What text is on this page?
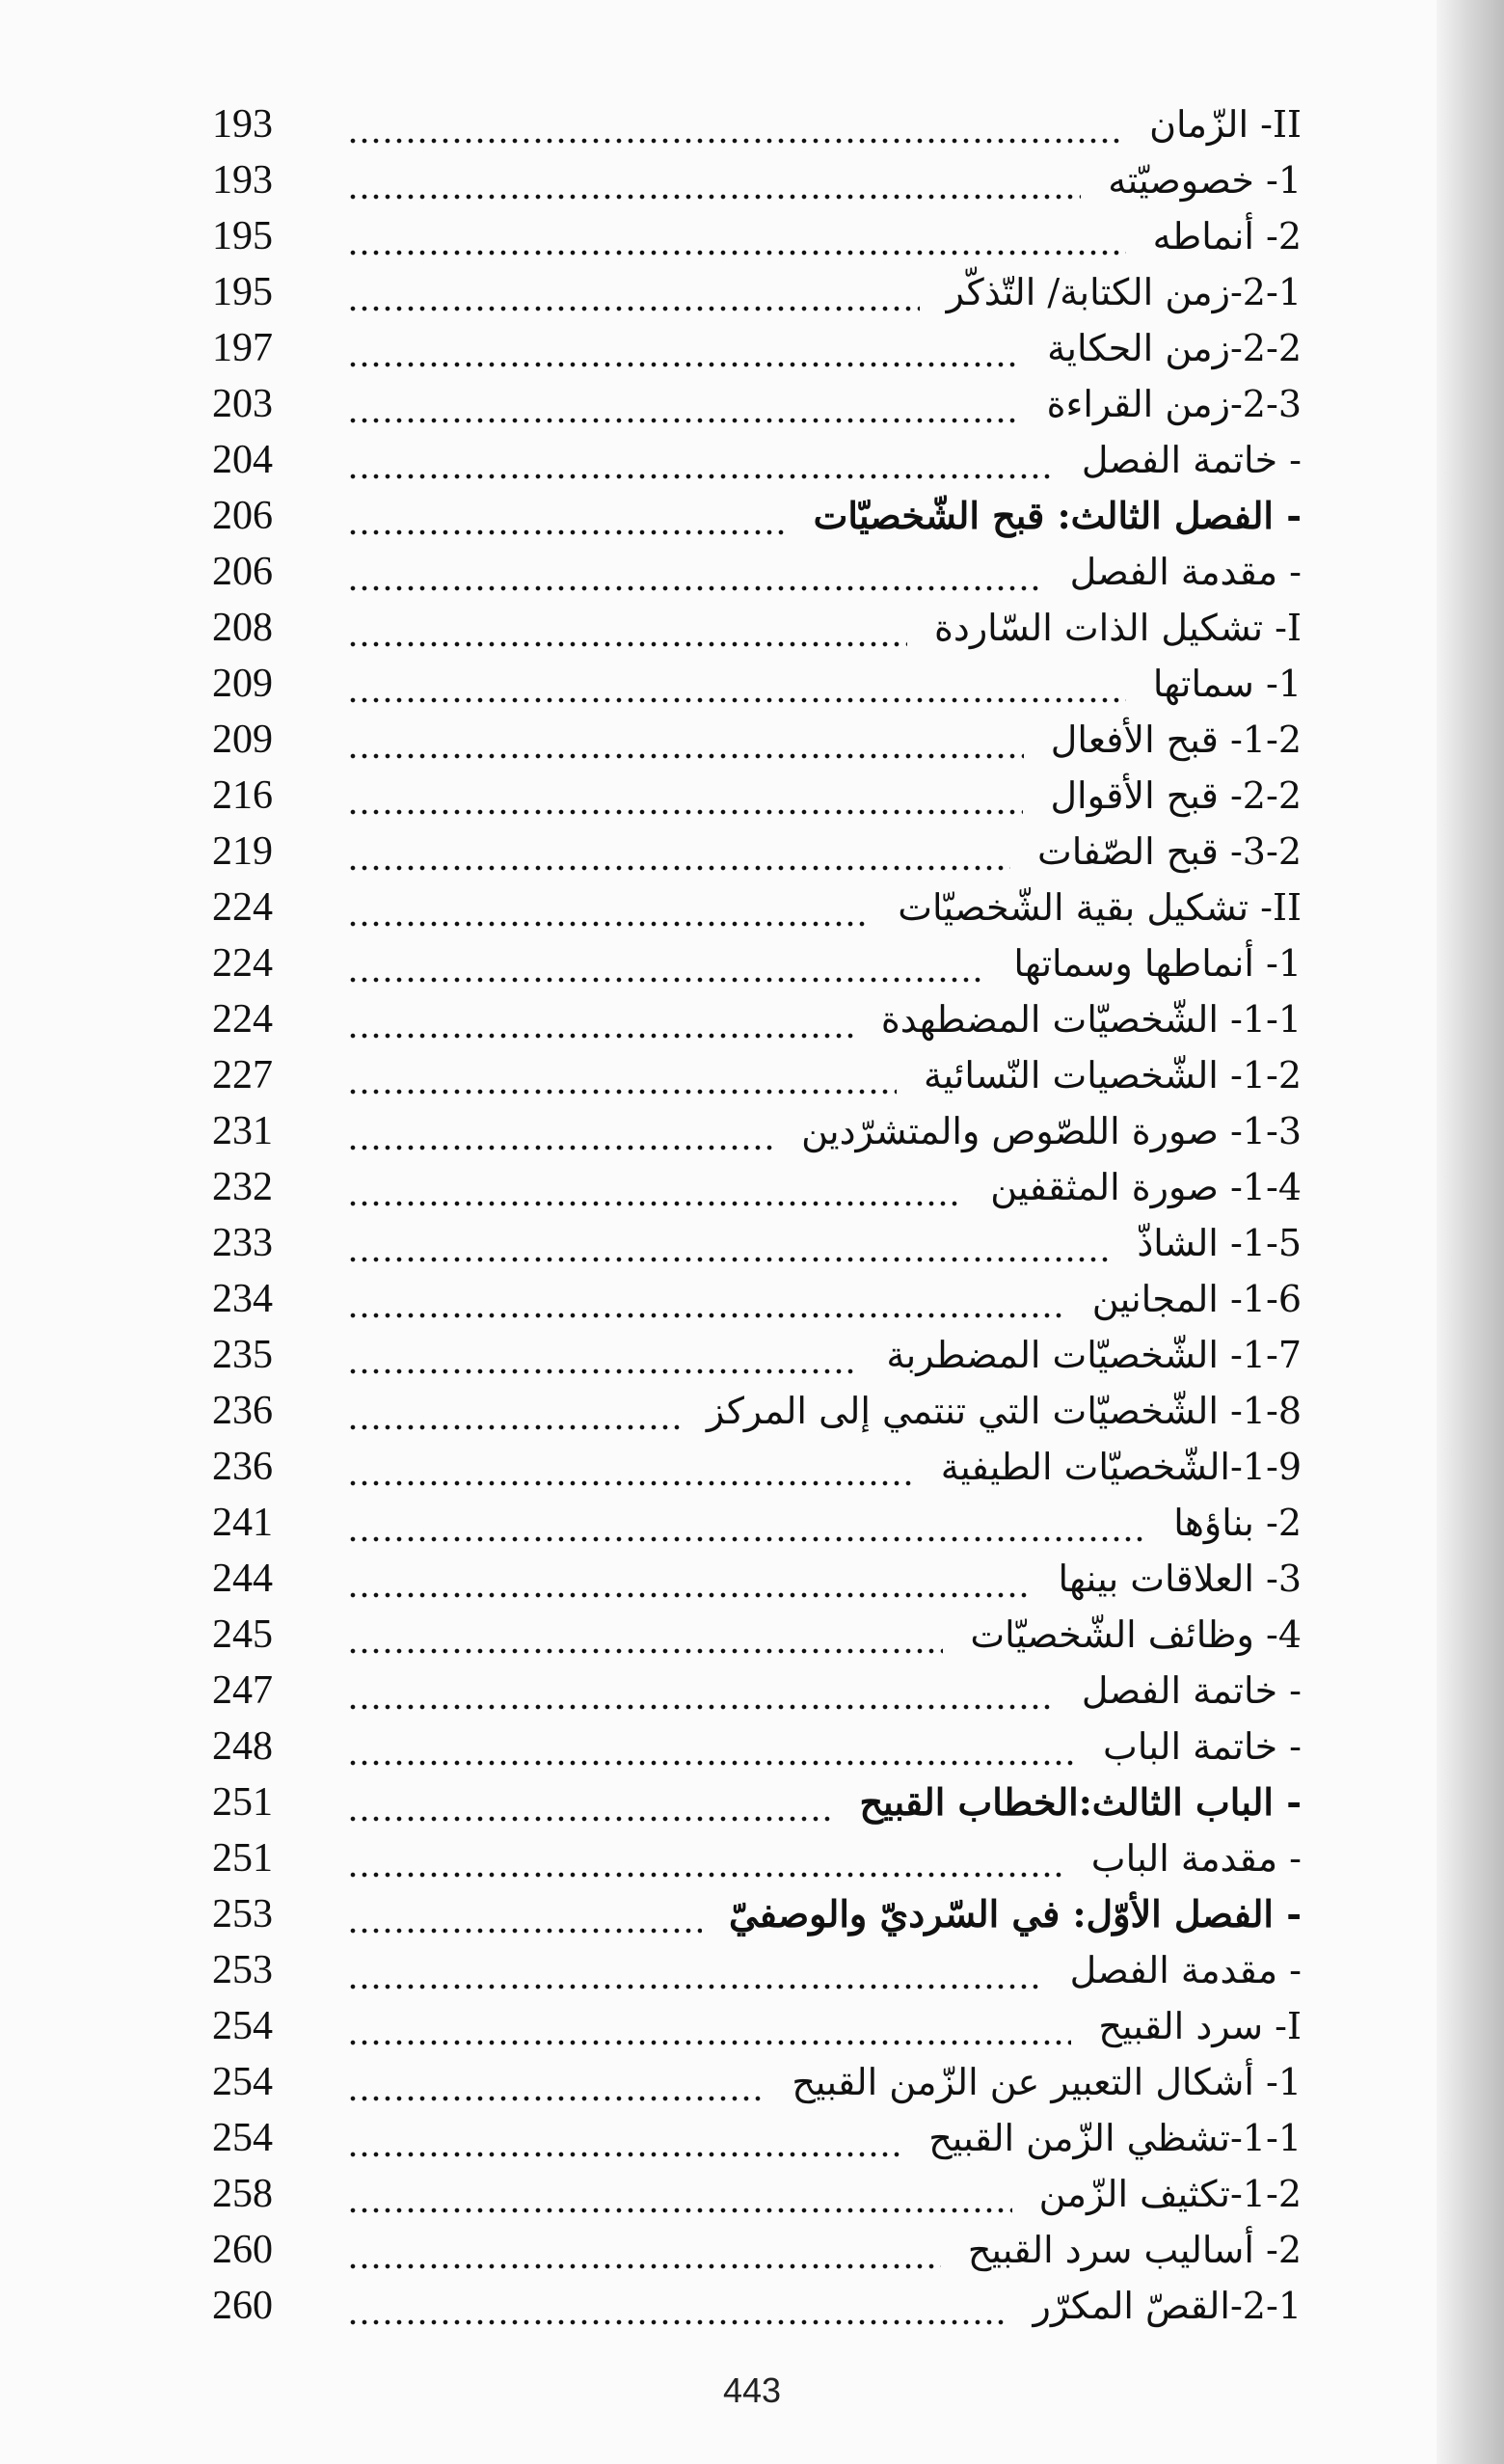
II- الزّمان
193
1- خصوصيّته
193
2- أنماطه
195
2-1-زمن الكتابة/ التّذكّر
195
2-2-زمن الحكاية
197
2-3-زمن القراءة
203
- خاتمة الفصل
204
- الفصل الثالث: قبح الشّخصيّات
206
- مقدمة الفصل
206
I- تشكيل الذات السّاردة
208
1- سماتها
209
1-2- قبح الأفعال
209
2-2- قبح الأقوال
216
3-2- قبح الصّفات
219
II- تشكيل بقية الشّخصيّات
224
1- أنماطها وسماتها
224
1-1- الشّخصيّات المضطهدة
224
1-2- الشّخصيات النّسائية
227
1-3- صورة اللصّوص والمتشرّدين
231
1-4- صورة المثقفين
232
1-5- الشاذّ
233
1-6- المجانين
234
1-7- الشّخصيّات المضطربة
235
1-8- الشّخصيّات التي تنتمي إلى المركز
236
1-9-الشّخصيّات الطيفية
236
2- بناؤها
241
3- العلاقات بينها
244
4- وظائف الشّخصيّات
245
- خاتمة الفصل
247
- خاتمة الباب
248
- الباب الثالث:الخطاب القبيح
251
- مقدمة الباب
251
- الفصل الأوّل: في السّرديّ والوصفيّ
253
- مقدمة الفصل
253
I- سرد القبيح
254
1- أشكال التعبير عن الزّمن القبيح
254
1-1-تشظي الزّمن القبيح
254
1-2-تكثيف الزّمن
258
2- أساليب سرد القبيح
260
2-1-القصّ المكرّر
260
443
